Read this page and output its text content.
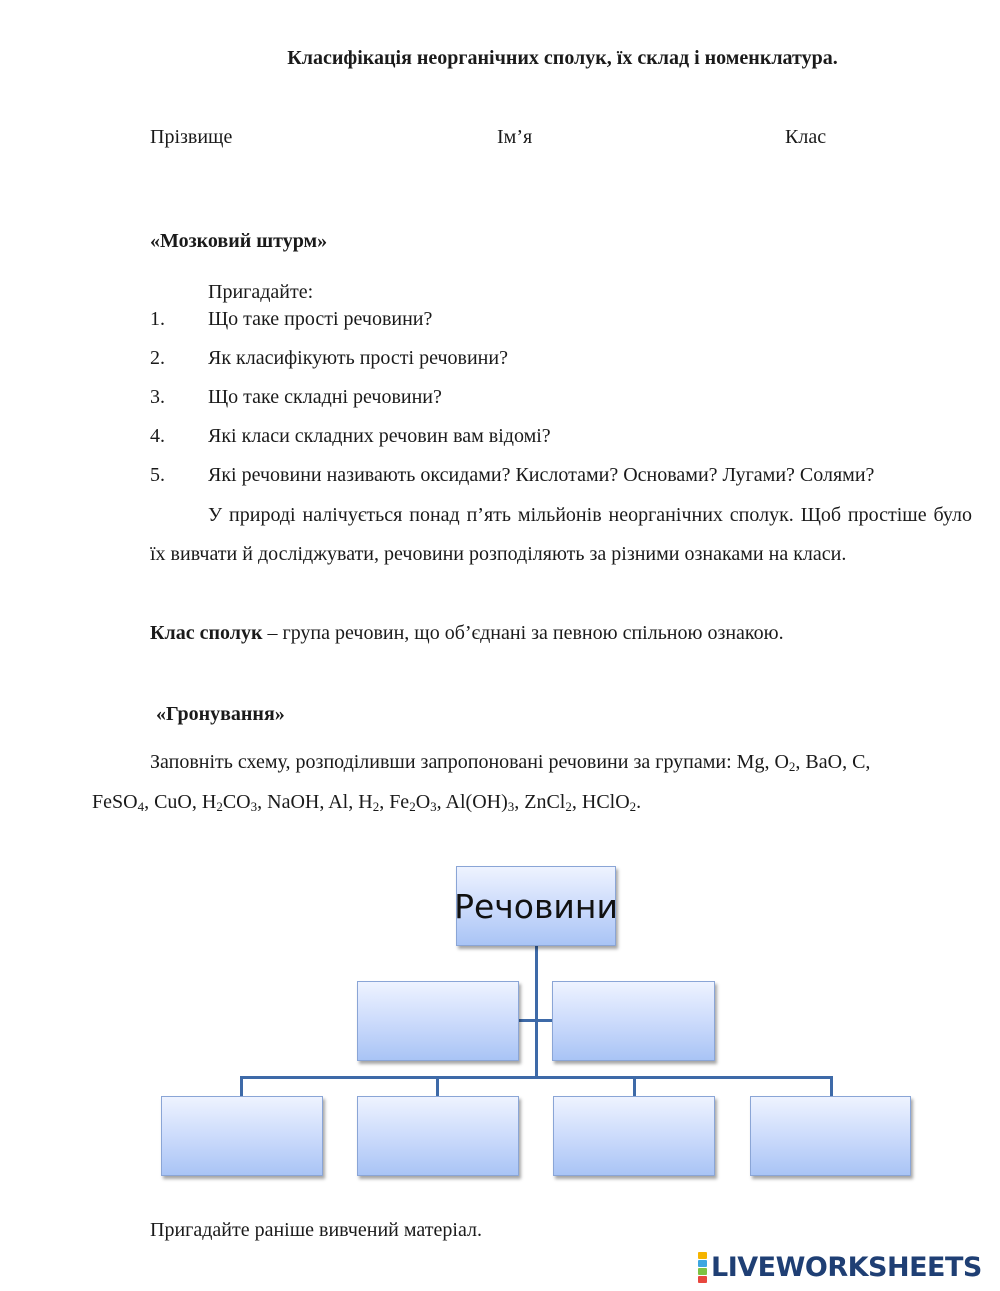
Класифікація неорганічних сполук, їх склад і номенклатура.
Прізвище	Ім’я	Клас
«Мозковий штурм»
Пригадайте:
1. Що таке прості речовини?
2. Як класифікують прості речовини?
3. Що таке складні речовини?
4. Які класи складних речовин вам відомі?
5. Які речовини називають оксидами? Кислотами? Основами? Лугами? Солями?
У природі налічується понад п’ять мільйонів неорганічних сполук. Щоб простіше було їх вивчати й досліджувати, речовини розподіляють за різними ознаками на класи.
Клас сполук – група речовин, що об’єднані за певною спільною ознакою.
«Гронування»
Заповніть схему, розподіливши запропоновані речовини за групами: Mg, $O_2$, BaO, C,
FeSO$_4$, CuO, $H_2CO_3$, NaOH, Al, $H_2$, $Fe_2O_3$, $Al(OH)_3$, ZnCl$_2$, HClO$_2$.
Речовини
Пригадайте раніше вивчений матеріал.
LIVEWORKSHEETS
